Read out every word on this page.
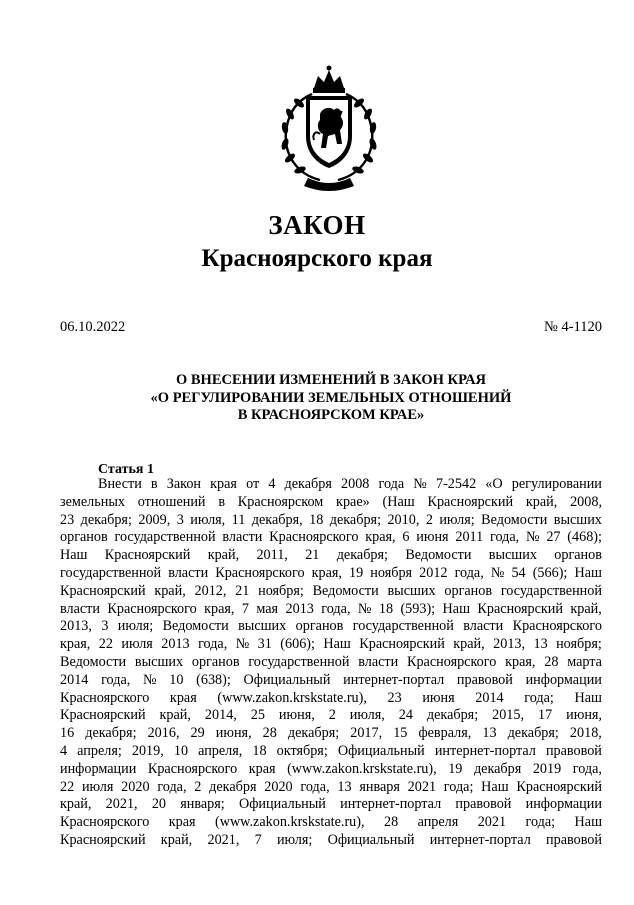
ЗАКОН
Красноярского края
06.10.2022	№ 4-1120
О ВНЕСЕНИИ ИЗМЕНЕНИЙ В ЗАКОН КРАЯ
«О РЕГУЛИРОВАНИИ ЗЕМЕЛЬНЫХ ОТНОШЕНИЙ
В КРАСНОЯРСКОМ КРАЕ»
Статья 1
Внести в Закон края от 4 декабря 2008 года № 7-2542 «О регулировании
земельных отношений в Красноярском крае» (Наш Красноярский край, 2008,
23 декабря; 2009, 3 июля, 11 декабря, 18 декабря; 2010, 2 июля; Ведомости высших
органов государственной власти Красноярского края, 6 июня 2011 года, № 27 (468);
Наш Красноярский край, 2011, 21 декабря; Ведомости высших органов
государственной власти Красноярского края, 19 ноября 2012 года, № 54 (566); Наш
Красноярский край, 2012, 21 ноября; Ведомости высших органов государственной
власти Красноярского края, 7 мая 2013 года, № 18 (593); Наш Красноярский край,
2013, 3 июля; Ведомости высших органов государственной власти Красноярского
края, 22 июля 2013 года, № 31 (606); Наш Красноярский край, 2013, 13 ноября;
Ведомости высших органов государственной власти Красноярского края, 28 марта
2014 года, № 10 (638); Официальный интернет-портал правовой информации
Красноярского края (www.zakon.krskstate.ru), 23 июня 2014 года; Наш
Красноярский край, 2014, 25 июня, 2 июля, 24 декабря; 2015, 17 июня,
16 декабря; 2016, 29 июня, 28 декабря; 2017, 15 февраля, 13 декабря; 2018,
4 апреля; 2019, 10 апреля, 18 октября; Официальный интернет-портал правовой
информации Красноярского края (www.zakon.krskstate.ru), 19 декабря 2019 года,
22 июля 2020 года, 2 декабря 2020 года, 13 января 2021 года; Наш Красноярский
край, 2021, 20 января; Официальный интернет-портал правовой информации
Красноярского края (www.zakon.krskstate.ru), 28 апреля 2021 года; Наш
Красноярский край, 2021, 7 июля; Официальный интернет-портал правовой
